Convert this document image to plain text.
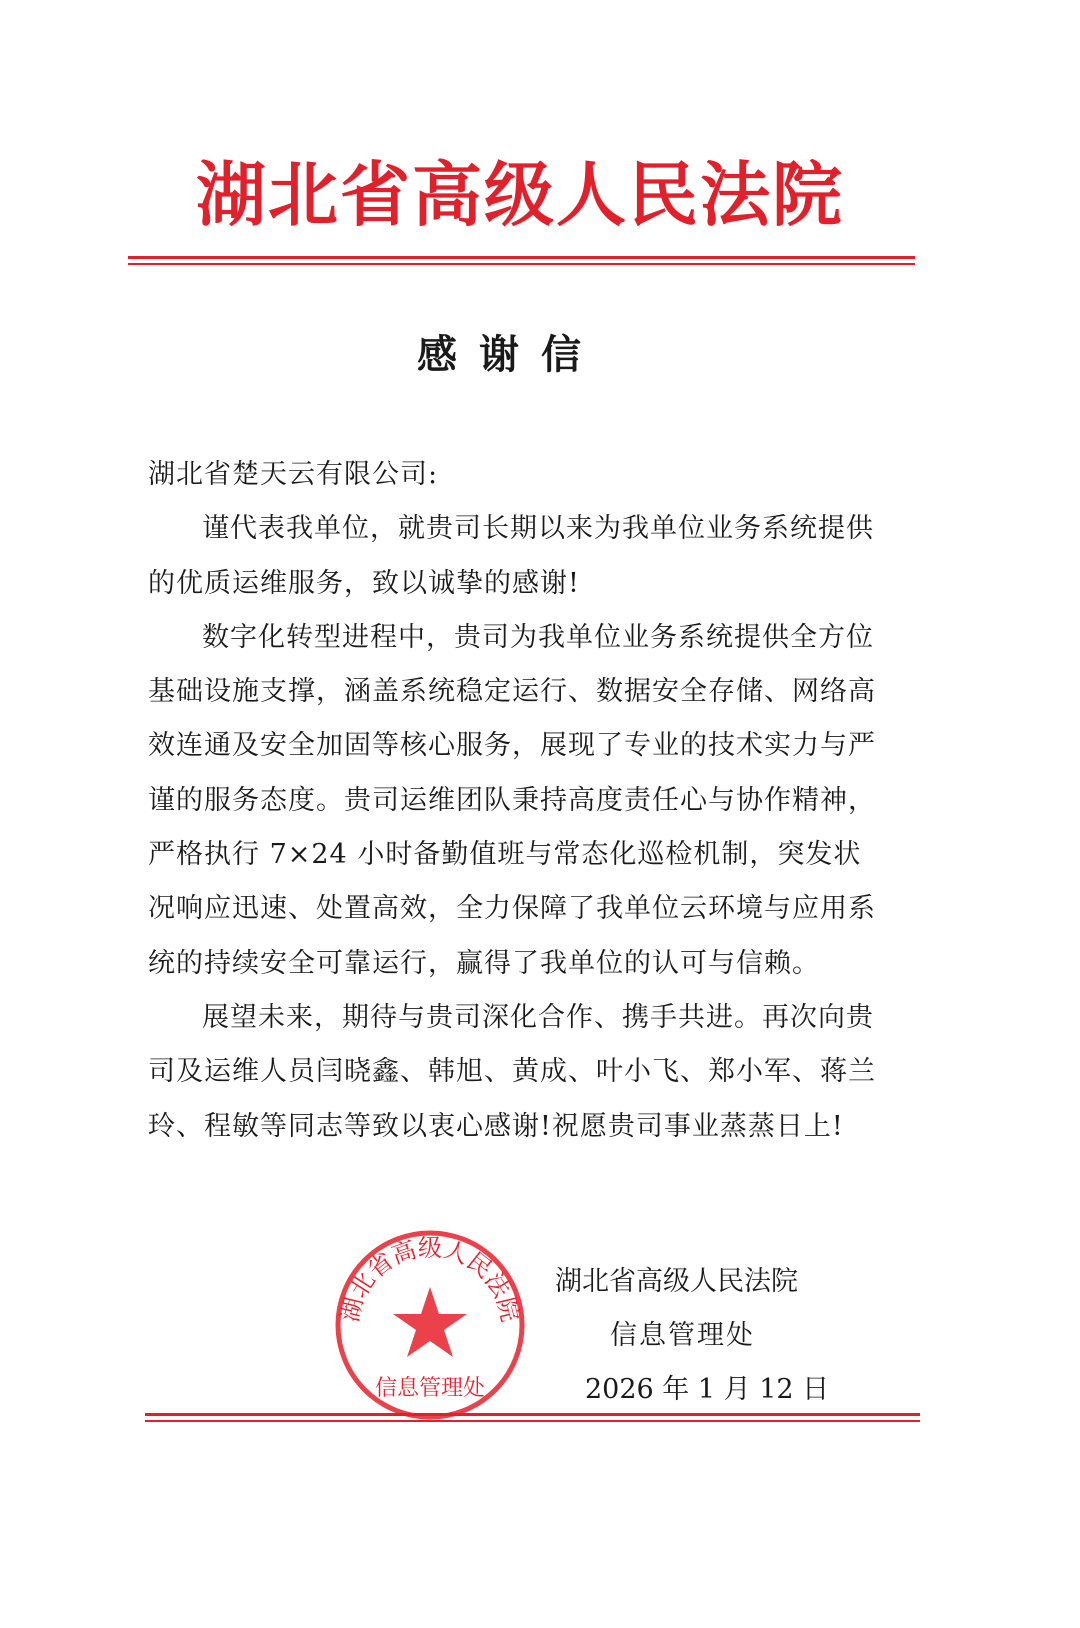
湖北省高级人民法院
感谢信
湖北省楚天云有限公司:
谨代表我单位，就贵司长期以来为我单位业务系统提供
的优质运维服务，致以诚挚的感谢!
数字化转型进程中，贵司为我单位业务系统提供全方位
基础设施支撑，涵盖系统稳定运行、数据安全存储、网络高
效连通及安全加固等核心服务，展现了专业的技术实力与严
谨的服务态度。贵司运维团队秉持高度责任心与协作精神，
严格执行 7×24 小时备勤值班与常态化巡检机制，突发状
况响应迅速、处置高效，全力保障了我单位云环境与应用系
统的持续安全可靠运行，赢得了我单位的认可与信赖。
展望未来，期待与贵司深化合作、携手共进。再次向贵
司及运维人员闫晓鑫、韩旭、黄成、叶小飞、郑小军、蒋兰
玲、程敏等同志等致以衷心感谢!祝愿贵司事业蒸蒸日上!
湖北省高级人民法院
信息管理处
湖北省高级人民法院
信息管理处
2026 年 1 月 12 日
